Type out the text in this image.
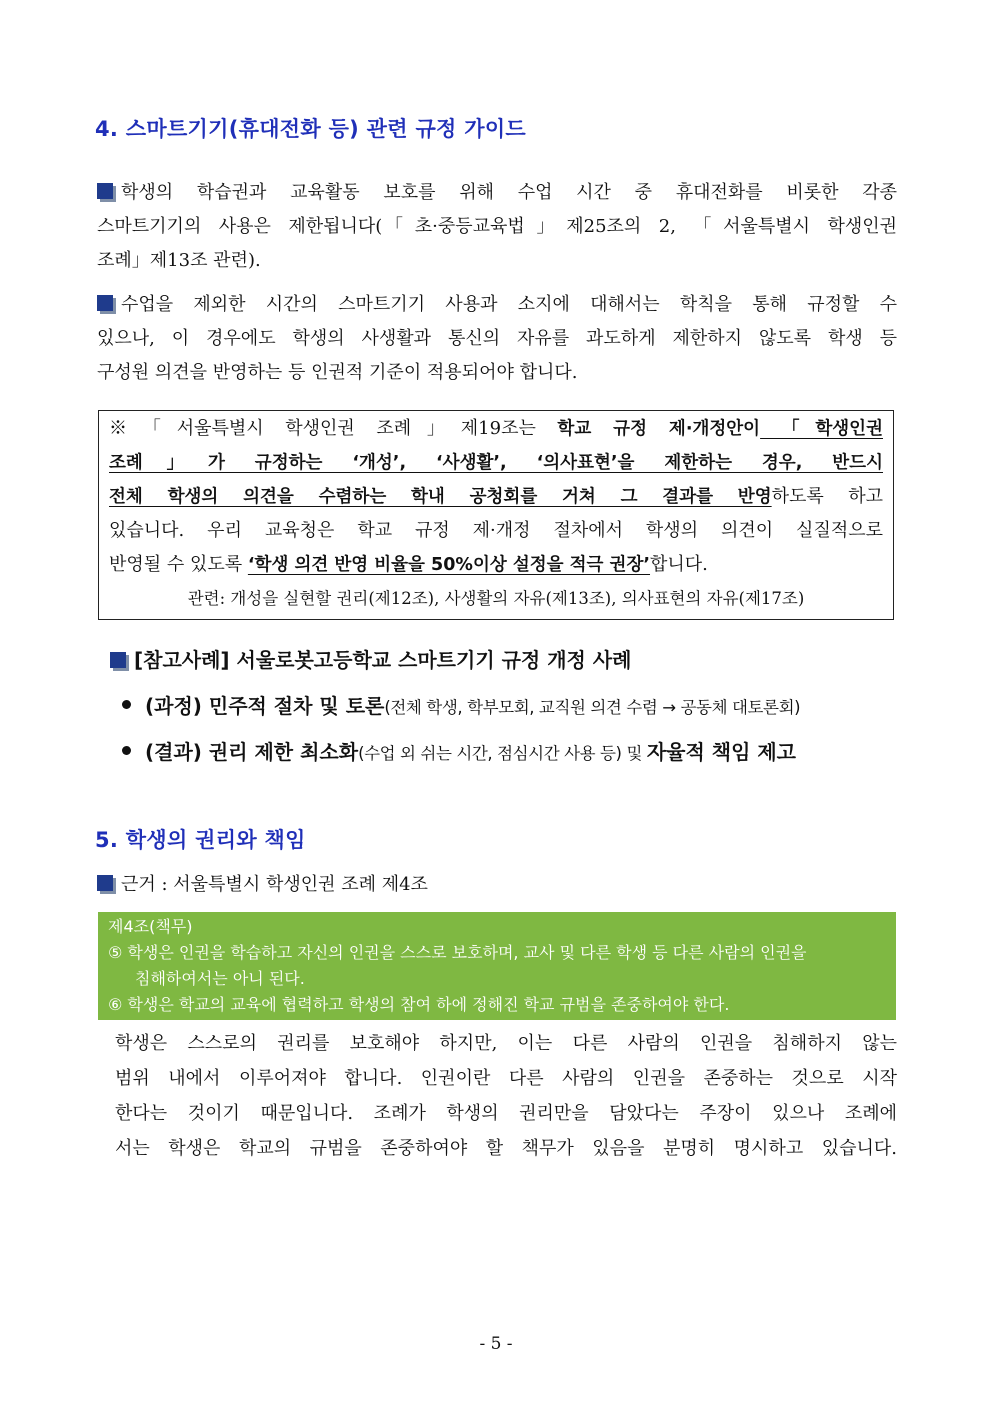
4. 스마트기기(휴대전화 등) 관련 규정 가이드
학생의 학습권과 교육활동 보호를 위해 수업 시간 중 휴대전화를 비롯한 각종
스마트기기의 사용은 제한됩니다(「초·중등교육법」제25조의 2, 「서울특별시 학생인권
조례」제13조 관련).
수업을 제외한 시간의 스마트기기 사용과 소지에 대해서는 학칙을 통해 규정할 수
있으나, 이 경우에도 학생의 사생활과 통신의 자유를 과도하게 제한하지 않도록 학생 등
구성원 의견을 반영하는 등 인권적 기준이 적용되어야 합니다.
※「서울특별시 학생인권 조례」제19조는 학교 규정 제·개정안이 「학생인권
조례」가 규정하는 ‘개성’, ‘사생활’, ‘의사표현’을 제한하는 경우, 반드시
전체 학생의 의견을 수렴하는 학내 공청회를 거쳐 그 결과를 반영하도록 하고
있습니다. 우리 교육청은 학교 규정 제·개정 절차에서 학생의 의견이 실질적으로
반영될 수 있도록 ‘학생 의견 반영 비율을 50%이상 설정을 적극 권장’합니다.
관련: 개성을 실현할 권리(제12조), 사생활의 자유(제13조), 의사표현의 자유(제17조)
[참고사례] 서울로봇고등학교 스마트기기 규정 개정 사례
(과정) 민주적 절차 및 토론(전체 학생, 학부모회, 교직원 의견 수렴 → 공동체 대토론회)
(결과) 권리 제한 최소화(수업 외 쉬는 시간, 점심시간 사용 등) 및 자율적 책임 제고
5. 학생의 권리와 책임
근거 : 서울특별시 학생인권 조례 제4조
제4조(책무)
⑤ 학생은 인권을 학습하고 자신의 인권을 스스로 보호하며, 교사 및 다른 학생 등 다른 사람의 인권을
침해하여서는 아니 된다.
⑥ 학생은 학교의 교육에 협력하고 학생의 참여 하에 정해진 학교 규범을 존중하여야 한다.
학생은 스스로의 권리를 보호해야 하지만, 이는 다른 사람의 인권을 침해하지 않는
범위 내에서 이루어져야 합니다. 인권이란 다른 사람의 인권을 존중하는 것으로 시작
한다는 것이기 때문입니다. 조례가 학생의 권리만을 담았다는 주장이 있으나 조례에
서는 학생은 학교의 규범을 존중하여야 할 책무가 있음을 분명히 명시하고 있습니다.
- 5 -
